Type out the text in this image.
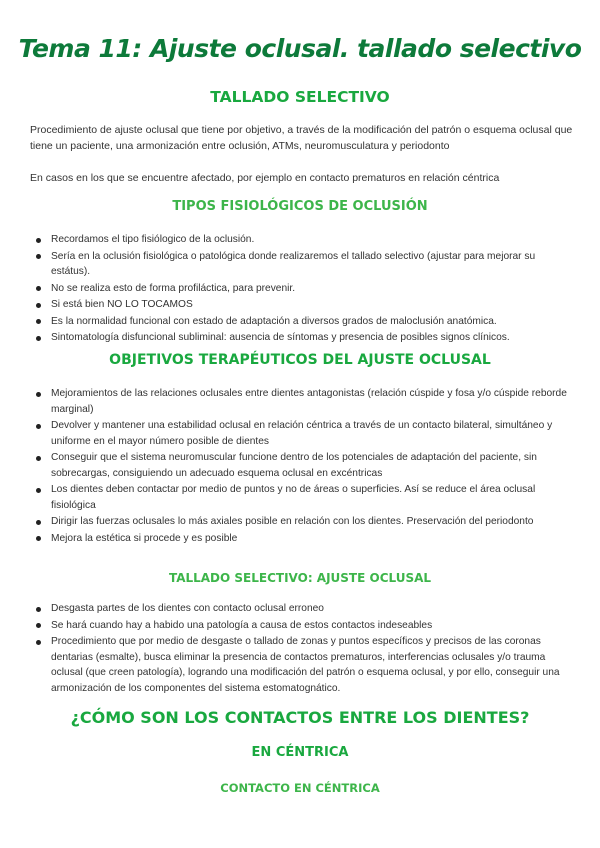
Tema 11: Ajuste oclusal. tallado selectivo
TALLADO SELECTIVO

Procedimiento de ajuste oclusal que tiene por objetivo, a través de la modificación del patrón o esquema oclusal que tiene un paciente, una armonización entre oclusión, ATMs, neuromusculatura y periodonto

En casos en los que se encuentre afectado, por ejemplo en contacto prematuros en relación céntrica

TIPOS FISIOLÓGICOS DE OCLUSIÓN
Recordamos el tipo fisiólogico de la oclusión.
Sería en la oclusión fisiológica o patológica donde realizaremos el tallado selectivo (ajustar para mejorar su estátus).
No se realiza esto de forma profiláctica, para prevenir.
Si está bien NO LO TOCAMOS
Es la normalidad funcional con estado de adaptación a diversos grados de maloclusión anatómica.
Sintomatología disfuncional subliminal: ausencia de síntomas y presencia de posibles signos clínicos.
OBJETIVOS TERAPÉUTICOS DEL AJUSTE OCLUSAL
Mejoramientos de las relaciones oclusales entre dientes antagonistas (relación cúspide y fosa y/o cúspide reborde marginal)
Devolver y mantener una estabilidad oclusal en relación céntrica a través de un contacto bilateral, simultáneo y uniforme en el mayor número posible de dientes
Conseguir que el sistema neuromuscular funcione dentro de los potenciales de adaptación del paciente, sin sobrecargas, consiguiendo un adecuado esquema oclusal en excéntricas
Los dientes deben contactar por medio de puntos y no de áreas o superficies. Así se reduce el área oclusal fisiológica
Dirigir las fuerzas oclusales lo más axiales posible en relación con los dientes. Preservación del periodonto
Mejora la estética si procede y es posible
TALLADO SELECTIVO: AJUSTE OCLUSAL
Desgasta partes de los dientes con contacto oclusal erroneo
Se hará cuando hay a habido una patología a causa de estos contactos indeseables
Procedimiento que por medio de desgaste o tallado de zonas y puntos específicos y precisos de las coronas dentarias (esmalte), busca eliminar la presencia de contactos prematuros, interferencias oclusales y/o trauma oclusal (que creen patología), logrando una modificación del patrón o esquema oclusal, y por ello, conseguir una armonización de los componentes del sistema estomatognático.
¿CÓMO SON LOS CONTACTOS ENTRE LOS DIENTES?
EN CÉNTRICA
CONTACTO EN CÉNTRICA
